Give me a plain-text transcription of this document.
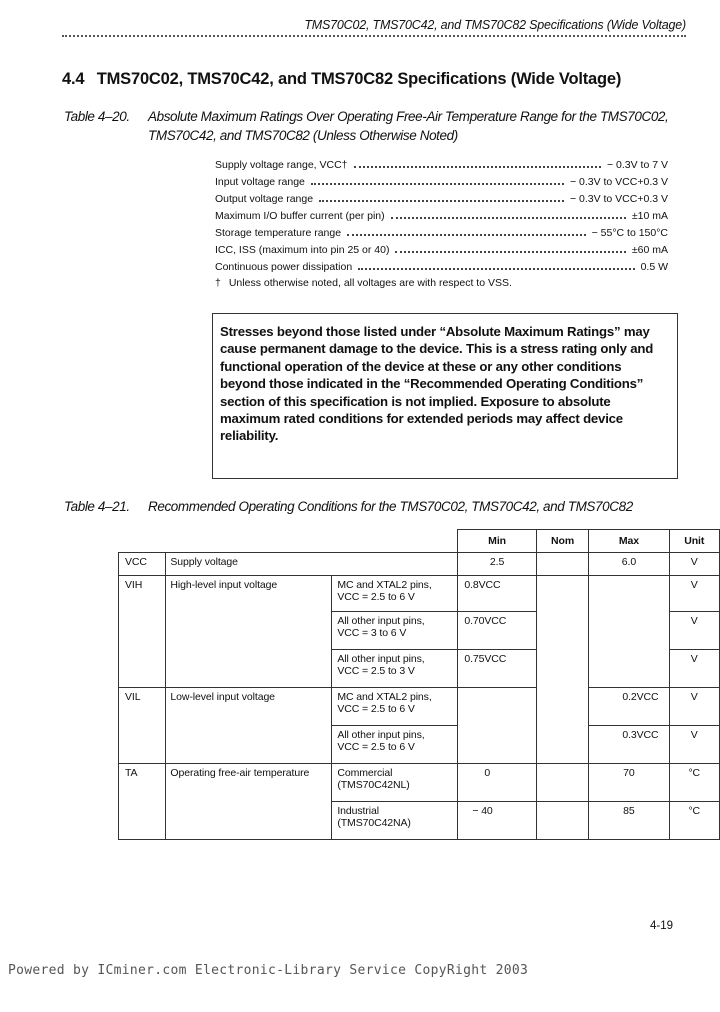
TMS70C02, TMS70C42, and TMS70C82 Specifications (Wide Voltage)
4.4 TMS70C02, TMS70C42, and TMS70C82 Specifications (Wide Voltage)
Table 4–20. Absolute Maximum Ratings Over Operating Free-Air Temperature Range for the TMS70C02,
TMS70C42, and TMS70C82 (Unless Otherwise Noted)
Supply voltage range, VCC†	− 0.3V to 7 V
Input voltage range	− 0.3V to VCC+0.3 V
Output voltage range	− 0.3V to VCC+0.3 V
Maximum I/O buffer current (per pin)	±10 mA
Storage temperature range	− 55°C to 150°C
ICC, ISS (maximum into pin 25 or 40)	±60 mA
Continuous power dissipation	0.5 W
† Unless otherwise noted, all voltages are with respect to VSS.
Stresses beyond those listed under “Absolute Maximum Ratings” may cause permanent damage to the device. This is a stress rating only and functional operation of the device at these or any other conditions beyond those indicated in the “Recommended Operating Conditions” section of this specification is not implied. Exposure to absolute maximum rated conditions for extended periods may affect device reliability.
Table 4–21. Recommended Operating Conditions for the TMS70C02, TMS70C42, and TMS70C82
			Min	Nom	Max	Unit
VCC	Supply voltage		2.5		6.0	V
VIH	High-level input voltage	MC and XTAL2 pins,
VCC = 2.5 to 6 V	0.8VCC			V

		All other input pins,
VCC = 3 to 6 V	0.70VCC			V

		All other input pins,
VCC = 2.5 to 3 V	0.75VCC			V
VIL	Low-level input voltage	MC and XTAL2 pins,
VCC = 2.5 to 6 V			0.2VCC	V

		All other input pins,
VCC = 2.5 to 6 V			0.3VCC	V
TA	Operating free-air temperature	Commercial
(TMS70C42NL)	0		70	°C

		Industrial
(TMS70C42NA)	− 40		85	°C
4-19
Powered by ICminer.com Electronic-Library Service CopyRight 2003
